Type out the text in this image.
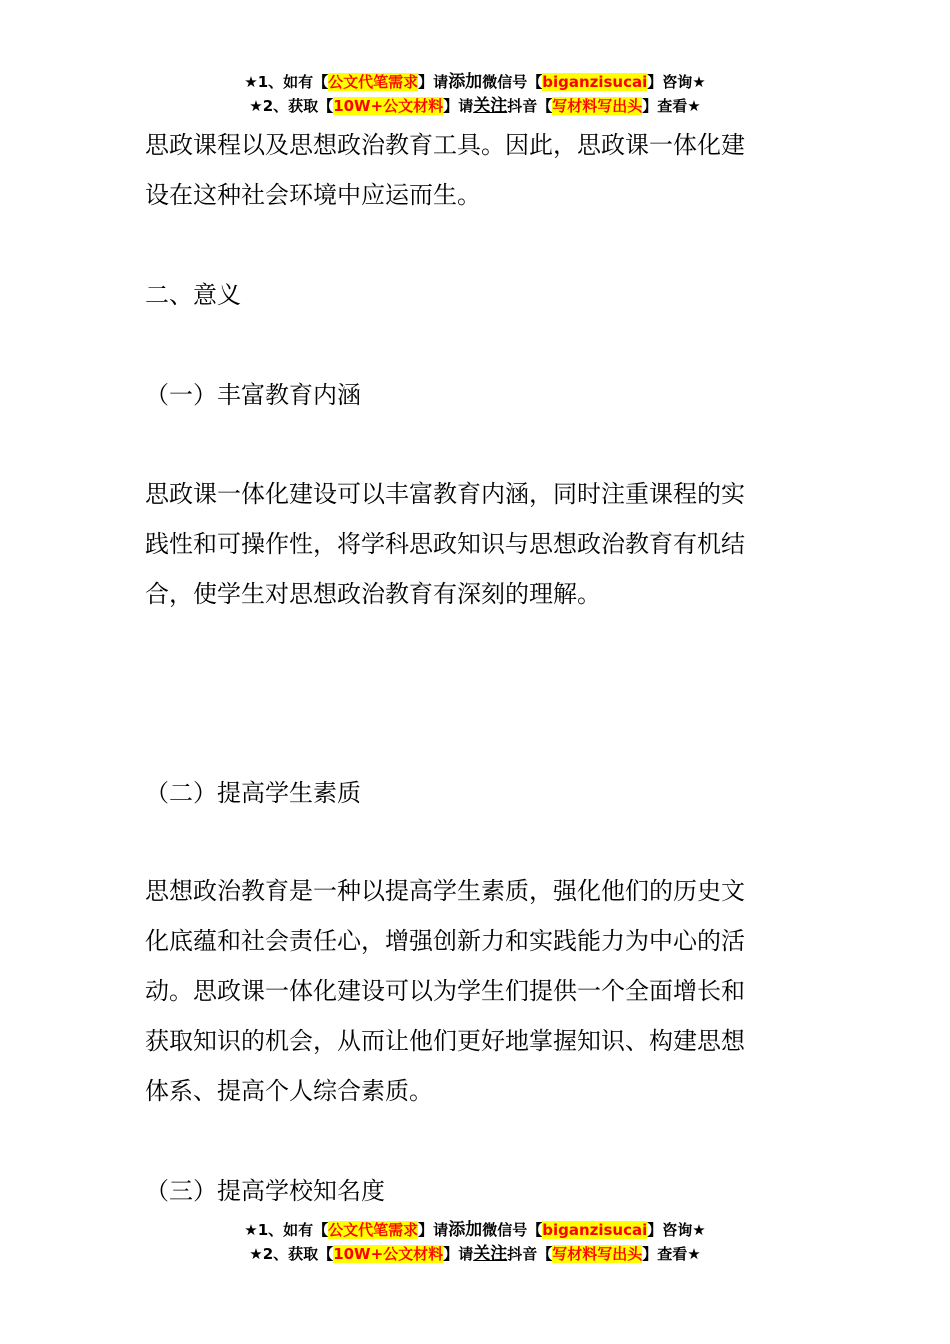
★1、如有【公文代笔需求】请添加微信号【biganzisucai】咨询★
★2、获取【10W+公文材料】请关注抖音【写材料写出头】查看★

思政课程以及思想政治教育工具。因此，思政课一体化建
设在这种社会环境中应运而生。

二、意义

（一）丰富教育内涵

思政课一体化建设可以丰富教育内涵，同时注重课程的实
践性和可操作性，将学科思政知识与思想政治教育有机结
合，使学生对思想政治教育有深刻的理解。

（二）提高学生素质

思想政治教育是一种以提高学生素质，强化他们的历史文
化底蕴和社会责任心，增强创新力和实践能力为中心的活
动。思政课一体化建设可以为学生们提供一个全面增长和
获取知识的机会，从而让他们更好地掌握知识、构建思想
体系、提高个人综合素质。

（三）提高学校知名度

★1、如有【公文代笔需求】请添加微信号【biganzisucai】咨询★
★2、获取【10W+公文材料】请关注抖音【写材料写出头】查看★
